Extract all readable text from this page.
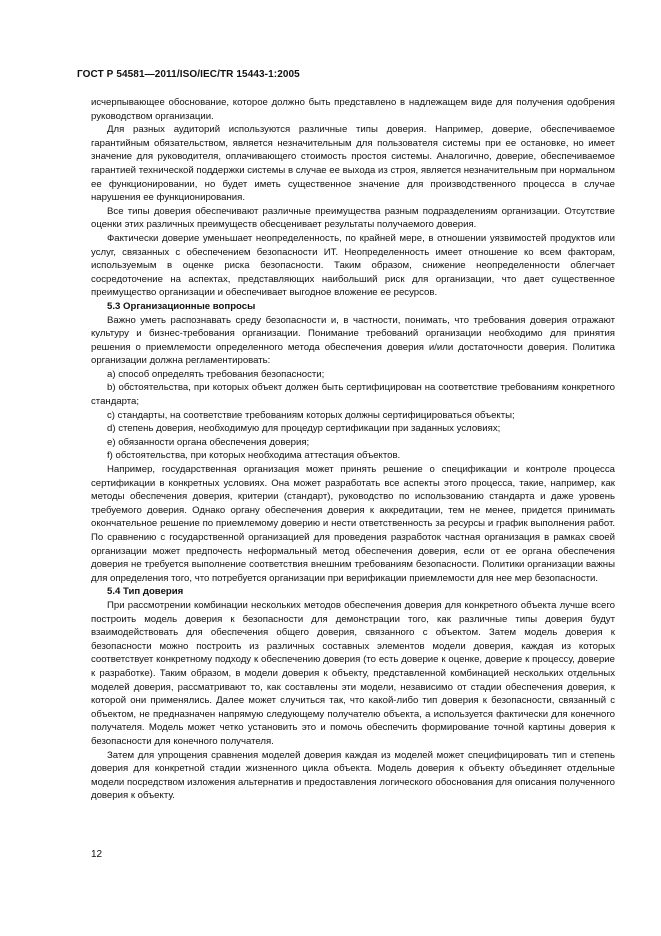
ГОСТ Р 54581—2011/ISO/IEC/TR 15443-1:2005

исчерпывающее обоснование, которое должно быть представлено в надлежащем виде для получения одобрения руководством организации.

Для разных аудиторий используются различные типы доверия. Например, доверие, обеспечиваемое гарантийным обязательством, является незначительным для пользователя системы при ее остановке, но имеет значение для руководителя, оплачивающего стоимость простоя системы. Аналогично, доверие, обеспечиваемое гарантией технической поддержки системы в случае ее выхода из строя, является незначительным при нормальном ее функционировании, но будет иметь существенное значение для производственного процесса в случае нарушения ее функционирования.

Все типы доверия обеспечивают различные преимущества разным подразделениям организации. Отсутствие оценки этих различных преимуществ обесценивает результаты получаемого доверия.

Фактически доверие уменьшает неопределенность, по крайней мере, в отношении уязвимостей продуктов или услуг, связанных с обеспечением безопасности ИТ. Неопределенность имеет отношение ко всем факторам, используемым в оценке риска безопасности. Таким образом, снижение неопределенности облегчает сосредоточение на аспектах, представляющих наибольший риск для организации, что дает существенное преимущество организации и обеспечивает выгодное вложение ее ресурсов.

5.3 Организационные вопросы

Важно уметь распознавать среду безопасности и, в частности, понимать, что требования доверия отражают культуру и бизнес-требования организации. Понимание требований организации необходимо для принятия решения о приемлемости определенного метода обеспечения доверия и/или достаточности доверия. Политика организации должна регламентировать:

a) способ определять требования безопасности;

b) обстоятельства, при которых объект должен быть сертифицирован на соответствие требованиям конкретного стандарта;

c) стандарты, на соответствие требованиям которых должны сертифицироваться объекты;

d) степень доверия, необходимую для процедур сертификации при заданных условиях;

e) обязанности органа обеспечения доверия;

f) обстоятельства, при которых необходима аттестация объектов.

Например, государственная организация может принять решение о спецификации и контроле процесса сертификации в конкретных условиях. Она может разработать все аспекты этого процесса, такие, например, как методы обеспечения доверия, критерии (стандарт), руководство по использованию стандарта и даже уровень требуемого доверия. Однако органу обеспечения доверия к аккредитации, тем не менее, придется принимать окончательное решение по приемлемому доверию и нести ответственность за ресурсы и график выполнения работ. По сравнению с государственной организацией для проведения разработок частная организация в рамках своей организации может предпочесть неформальный метод обеспечения доверия, если от ее органа обеспечения доверия не требуется выполнение соответствия внешним требованиям безопасности. Политики организации важны для определения того, что потребуется организации при верификации приемлемости для нее мер безопасности.

5.4 Тип доверия

При рассмотрении комбинации нескольких методов обеспечения доверия для конкретного объекта лучше всего построить модель доверия к безопасности для демонстрации того, как различные типы доверия будут взаимодействовать для обеспечения общего доверия, связанного с объектом. Затем модель доверия к безопасности можно построить из различных составных элементов модели доверия, каждая из которых соответствует конкретному подходу к обеспечению доверия (то есть доверие к оценке, доверие к процессу, доверие к разработке). Таким образом, в модели доверия к объекту, представленной комбинацией нескольких отдельных моделей доверия, рассматривают то, как составлены эти модели, независимо от стадии обеспечения доверия, к которой они применялись. Далее может случиться так, что какой-либо тип доверия к безопасности, связанный с объектом, не предназначен напрямую следующему получателю объекта, а используется фактически для конечного получателя. Модель может четко установить это и помочь обеспечить формирование точной картины доверия к безопасности для конечного получателя.

Затем для упрощения сравнения моделей доверия каждая из моделей может специфицировать тип и степень доверия для конкретной стадии жизненного цикла объекта. Модель доверия к объекту объединяет отдельные модели посредством изложения альтернатив и предоставления логического обоснования для описания полученного доверия к объекту.

12
